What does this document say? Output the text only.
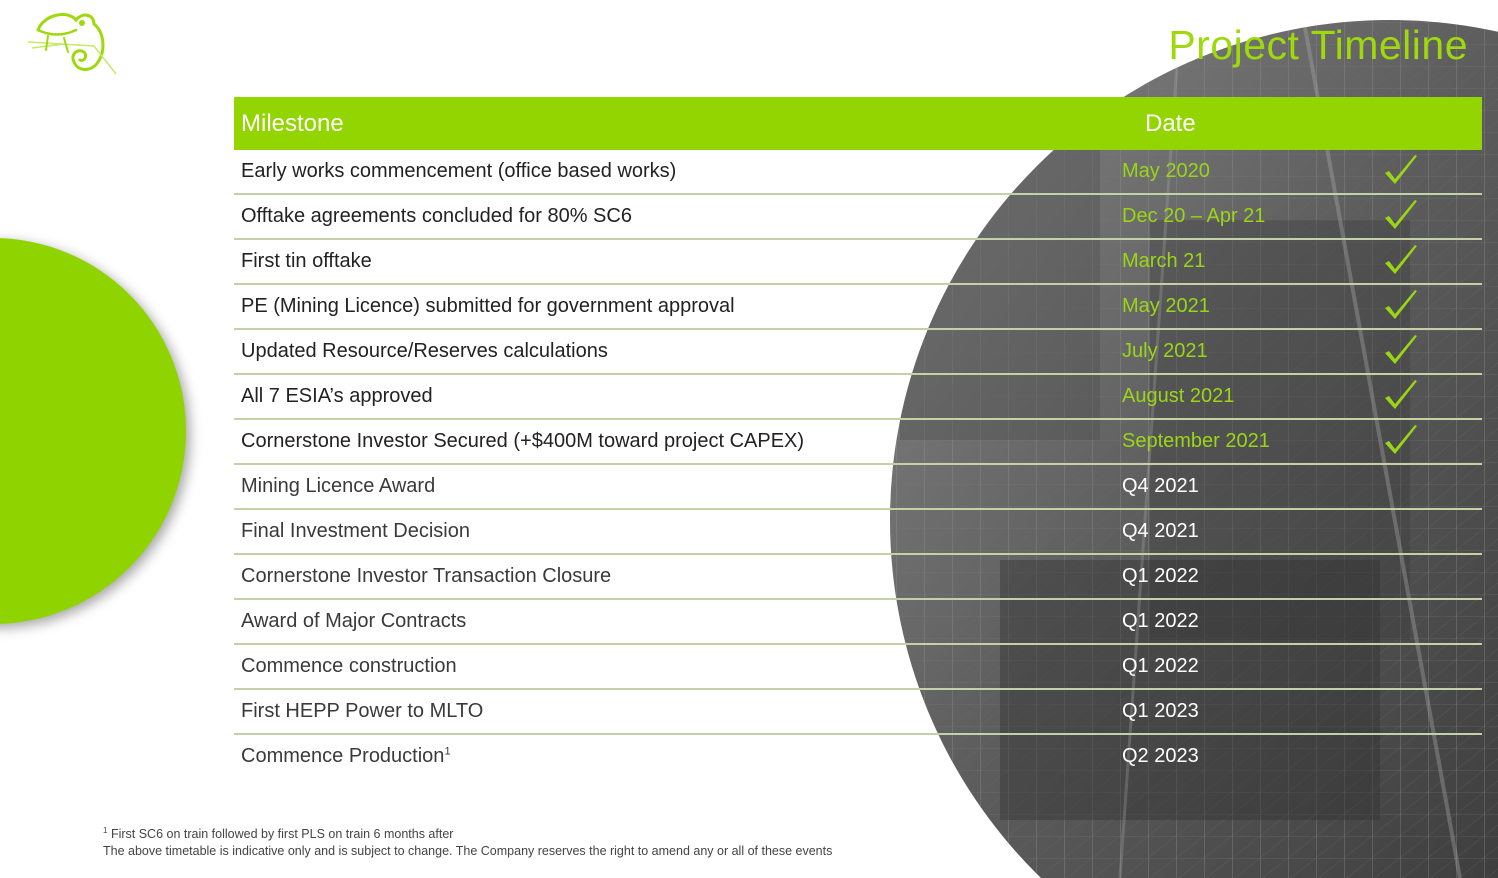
Project Timeline
Milestone	Date
Early works commencement (office based works)	May 2020
Offtake agreements concluded for 80% SC6	Dec 20 – Apr 21
First tin offtake	March 21
PE (Mining Licence) submitted for government approval	May 2021
Updated Resource/Reserves calculations	July 2021
All 7 ESIA’s approved	August 2021
Cornerstone Investor Secured (+$400M toward project CAPEX)	September 2021
Mining Licence Award	Q4 2021
Final Investment Decision	Q4 2021
Cornerstone Investor Transaction Closure	Q1 2022
Award of Major Contracts	Q1 2022
Commence construction	Q1 2022
First HEPP Power to MLTO	Q1 2023
Commence Production$^1$	Q2 2023
$^1$ First SC6 on train followed by first PLS on train 6 months after
The above timetable is indicative only and is subject to change. The Company reserves the right to amend any or all of these events
